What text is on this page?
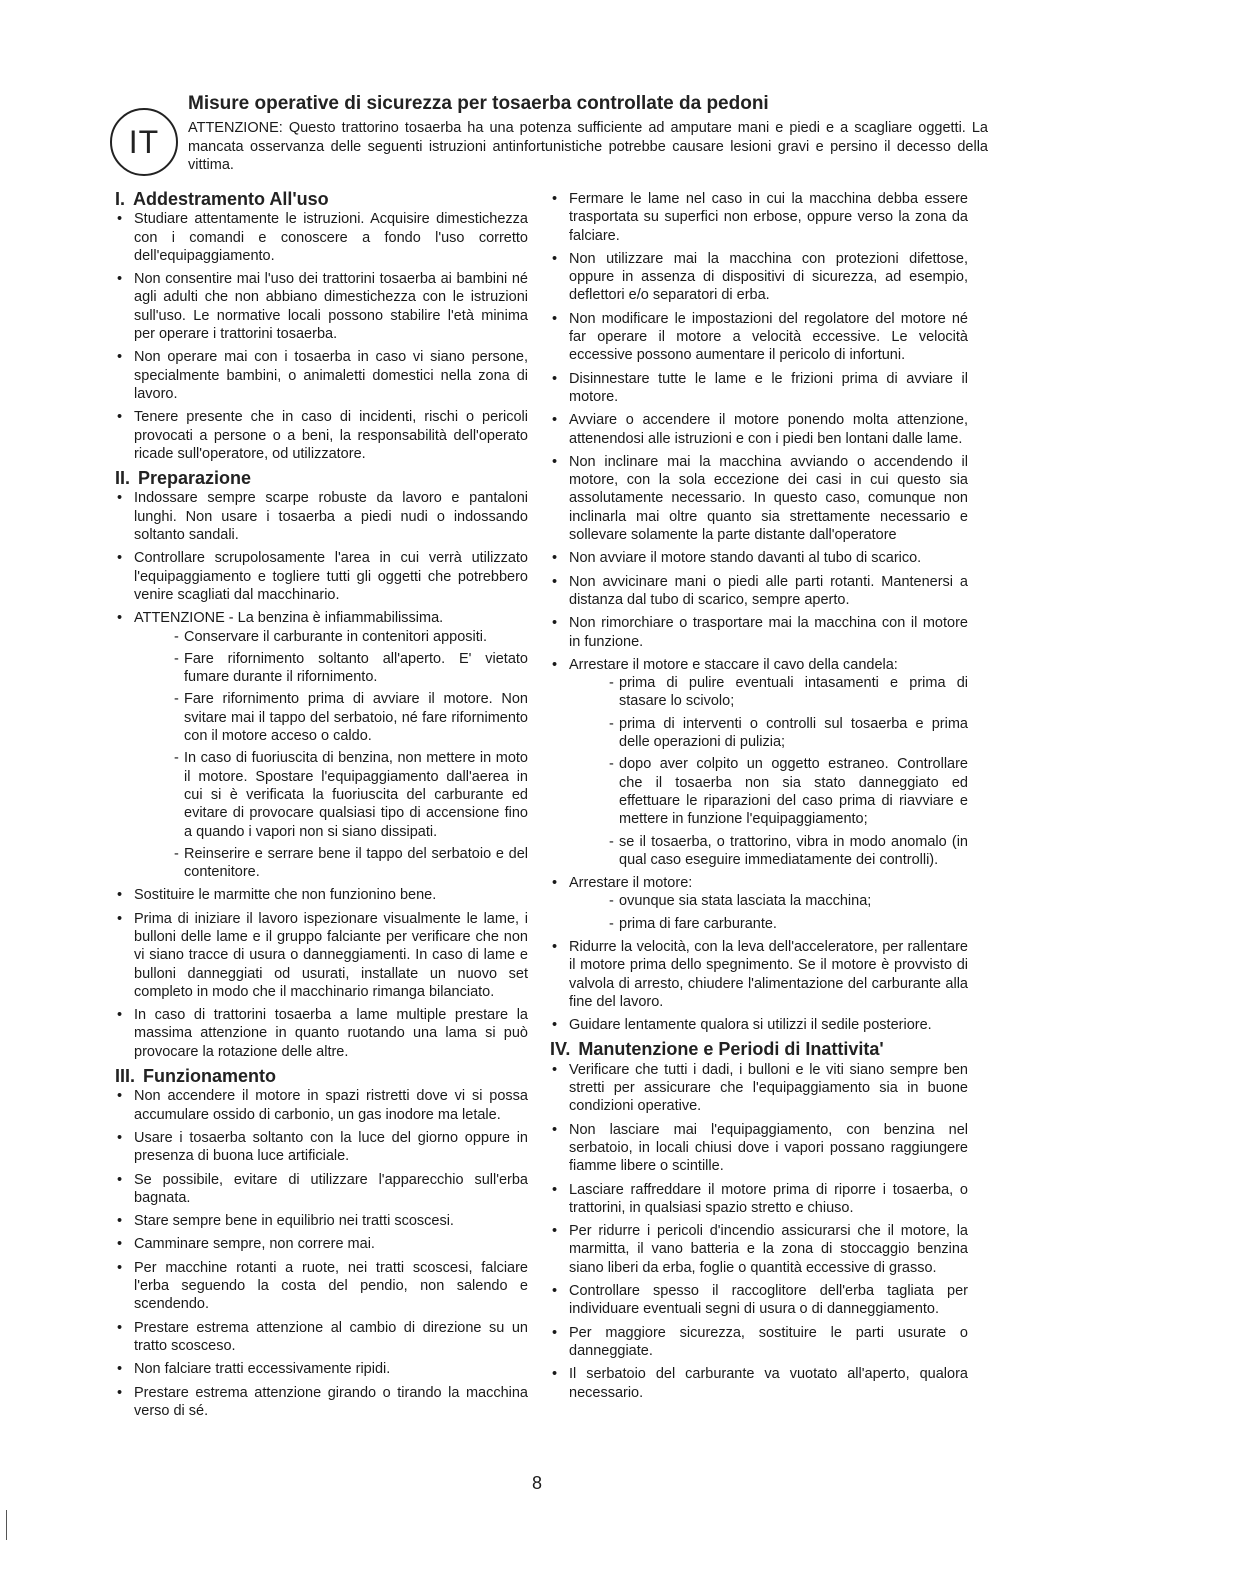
IT
Misure operative di sicurezza per tosaerba controllate da pedoni
ATTENZIONE: Questo trattorino tosaerba ha una potenza sufficiente ad amputare mani e piedi e a scagliare oggetti. La mancata osservanza delle seguenti istruzioni antinfortunistiche potrebbe causare lesioni gravi e persino il decesso della vittima.
I. Addestramento All'uso
• Studiare attentamente le istruzioni. Acquisire dimestichezza con i comandi e conoscere a fondo l'uso corretto dell'equipaggiamento.
• Non consentire mai l'uso dei trattorini tosaerba ai bambini né agli adulti che non abbiano dimestichezza con le istruzioni sull'uso. Le normative locali possono stabilire l'età minima per operare i trattorini tosaerba.
• Non operare mai con i tosaerba in caso vi siano persone, specialmente bambini, o animaletti domestici nella zona di lavoro.
• Tenere presente che in caso di incidenti, rischi o pericoli provocati a persone o a beni, la responsabilità dell'operato ricade sull'operatore, od utilizzatore.
II. Preparazione
• Indossare sempre scarpe robuste da lavoro e pantaloni lunghi. Non usare i tosaerba a piedi nudi o indossando soltanto sandali.
• Controllare scrupolosamente l'area in cui verrà utilizzato l'equipaggiamento e togliere tutti gli oggetti che potrebbero venire scagliati dal macchinario.
• ATTENZIONE - La benzina è infiammabilissima.
- Conservare il carburante in contenitori appositi.
- Fare rifornimento soltanto all'aperto. E' vietato fumare durante il rifornimento.
- Fare rifornimento prima di avviare il motore. Non svitare mai il tappo del serbatoio, né fare rifornimento con il motore acceso o caldo.
- In caso di fuoriuscita di benzina, non mettere in moto il motore. Spostare l'equipaggiamento dall'aerea in cui si è verificata la fuoriuscita del carburante ed evitare di provocare qualsiasi tipo di accensione fino a quando i vapori non si siano dissipati.
- Reinserire e serrare bene il tappo del serbatoio e del contenitore.
• Sostituire le marmitte che non funzionino bene.
• Prima di iniziare il lavoro ispezionare visualmente le lame, i bulloni delle lame e il gruppo falciante per verificare che non vi siano tracce di usura o danneggiamenti. In caso di lame e bulloni danneggiati od usurati, installate un nuovo set completo in modo che il macchinario rimanga bilanciato.
• In caso di trattorini tosaerba a lame multiple prestare la massima attenzione in quanto ruotando una lama si può provocare la rotazione delle altre.
III. Funzionamento
• Non accendere il motore in spazi ristretti dove vi si possa accumulare ossido di carbonio, un gas inodore ma letale.
• Usare i tosaerba soltanto con la luce del giorno oppure in presenza di buona luce artificiale.
• Se possibile, evitare di utilizzare l'apparecchio sull'erba bagnata.
• Stare sempre bene in equilibrio nei tratti scoscesi.
• Camminare sempre, non correre mai.
• Per macchine rotanti a ruote, nei tratti scoscesi, falciare l'erba seguendo la costa del pendio, non salendo e scendendo.
• Prestare estrema attenzione al cambio di direzione su un tratto scosceso.
• Non falciare tratti eccessivamente ripidi.
• Prestare estrema attenzione girando o tirando la macchina verso di sé.
• Fermare le lame nel caso in cui la macchina debba essere trasportata su superfici non erbose, oppure verso la zona da falciare.
• Non utilizzare mai la macchina con protezioni difettose, oppure in assenza di dispositivi di sicurezza, ad esempio, deflettori e/o separatori di erba.
• Non modificare le impostazioni del regolatore del motore né far operare il motore a velocità eccessive. Le velocità eccessive possono aumentare il pericolo di infortuni.
• Disinnestare tutte le lame e le frizioni prima di avviare il motore.
• Avviare o accendere il motore ponendo molta attenzione, attenendosi alle istruzioni e con i piedi ben lontani dalle lame.
• Non inclinare mai la macchina avviando o accendendo il motore, con la sola eccezione dei casi in cui questo sia assolutamente necessario. In questo caso, comunque non inclinarla mai oltre quanto sia strettamente necessario e sollevare solamente la parte distante dall'operatore
• Non avviare il motore stando davanti al tubo di scarico.
• Non avvicinare mani o piedi alle parti rotanti. Mantenersi a distanza dal tubo di scarico, sempre aperto.
• Non rimorchiare o trasportare mai la macchina con il motore in funzione.
• Arrestare il motore e staccare il cavo della candela:
- prima di pulire eventuali intasamenti e prima di stasare lo scivolo;
- prima di interventi o controlli sul tosaerba e prima delle operazioni di pulizia;
- dopo aver colpito un oggetto estraneo. Controllare che il tosaerba non sia stato danneggiato ed effettuare le riparazioni del caso prima di riavviare e mettere in funzione l'equipaggiamento;
- se il tosaerba, o trattorino, vibra in modo anomalo (in qual caso eseguire immediatamente dei controlli).
• Arrestare il motore:
- ovunque sia stata lasciata la macchina;
- prima di fare carburante.
• Ridurre la velocità, con la leva dell'acceleratore, per rallentare il motore prima dello spegnimento. Se il motore è provvisto di valvola di arresto, chiudere l'alimentazione del carburante alla fine del lavoro.
• Guidare lentamente qualora si utilizzi il sedile posteriore.
IV. Manutenzione e Periodi di Inattivita'
• Verificare che tutti i dadi, i bulloni e le viti siano sempre ben stretti per assicurare che l'equipaggiamento sia in buone condizioni operative.
• Non lasciare mai l'equipaggiamento, con benzina nel serbatoio, in locali chiusi dove i vapori possano raggiungere fiamme libere o scintille.
• Lasciare raffreddare il motore prima di riporre i tosaerba, o trattorini, in qualsiasi spazio stretto e chiuso.
• Per ridurre i pericoli d'incendio assicurarsi che il motore, la marmitta, il vano batteria e la zona di stoccaggio benzina siano liberi da erba, foglie o quantità eccessive di grasso.
• Controllare spesso il raccoglitore dell'erba tagliata per individuare eventuali segni di usura o di danneggiamento.
• Per maggiore sicurezza, sostituire le parti usurate o danneggiate.
• Il serbatoio del carburante va vuotato all'aperto, qualora necessario.
8
